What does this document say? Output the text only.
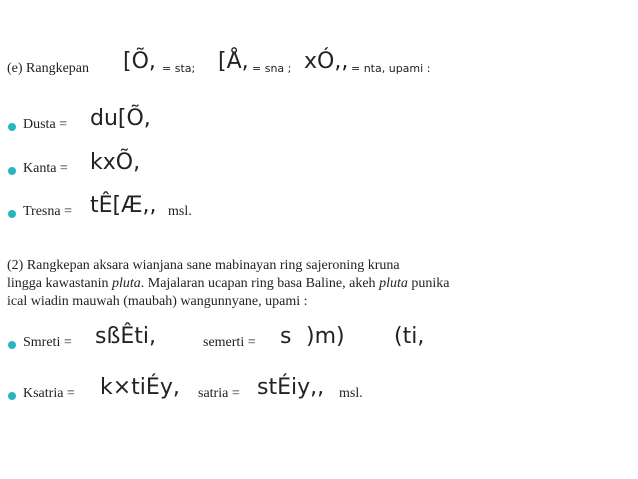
(e) Rangkepan [Õ, = sta; [Å, = sna ; xÓ,, = nta, upami :
Dusta = du[Õ,
Kanta = kxÕ,
Tresna = tÊ[Æ,, msl.
(2) Rangkepan aksara wianjana sane mabinayan ring sajeroning kruna
lingga kawastanin pluta. Majalaran ucapan ring basa Baline, akeh pluta punika
ical wiadin mauwah (maubah) wangunnyane, upami :
Smreti = sßÊti,	semerti = s )m) (ti,
Ksatria = k×tiÉy, satria = stÉiy,, msl.
